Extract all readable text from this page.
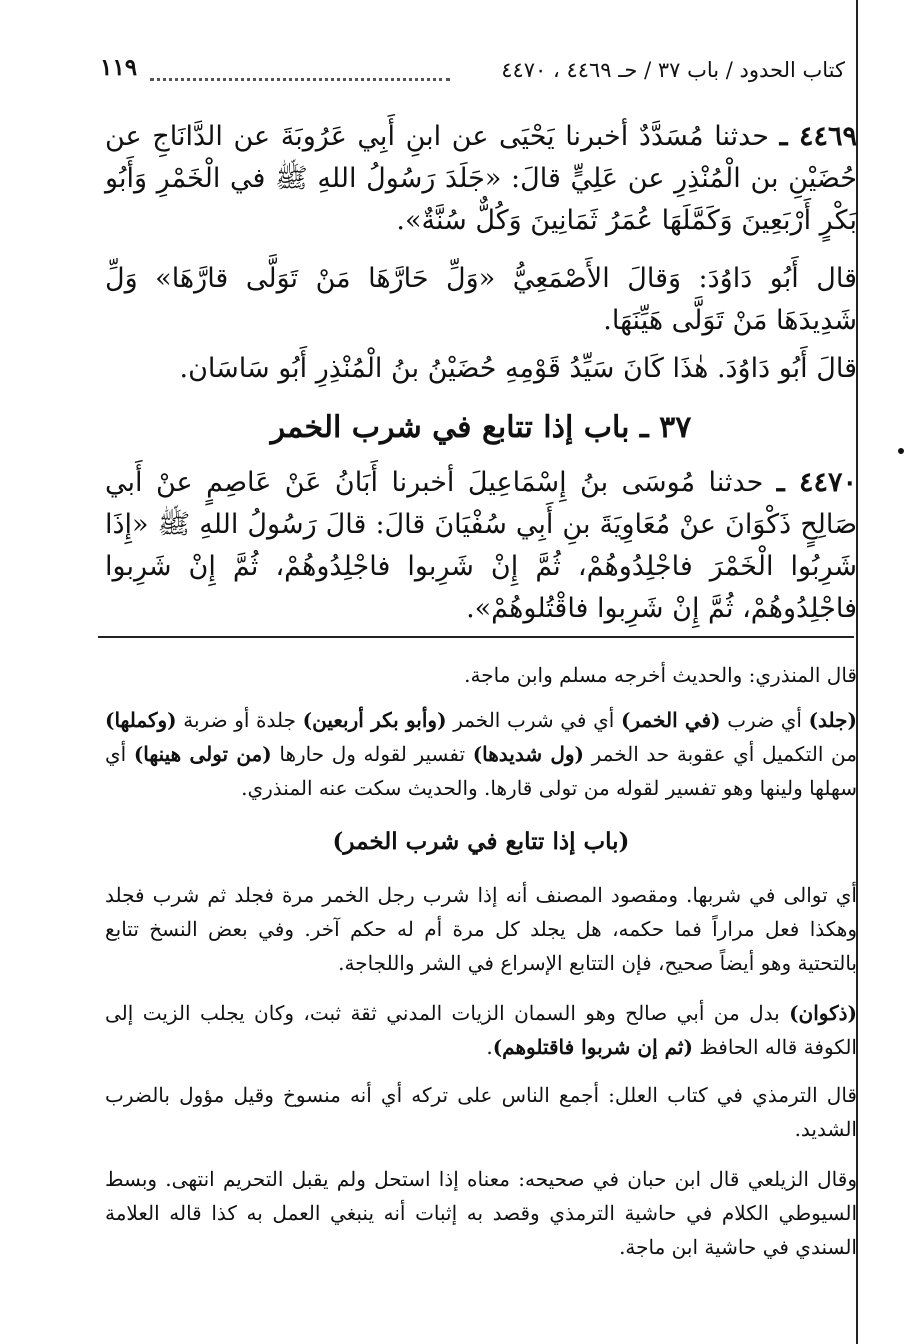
كتاب الحدود / باب ٣٧ / حـ ٤٤٦٩ ، ٤٤٧٠
١١٩

٤٤٦٩ ـ حدثنا مُسَدَّدٌ أخبرنا يَحْيَى عن ابنِ أَبِي عَرُوبَةَ عن الدَّانَاجِ عن حُضَيْنِ بن الْمُنْذِرِ عن عَلِيٍّ قالَ: «جَلَدَ رَسُولُ اللهِ ﷺ في الْخَمْرِ وَأَبُو بَكْرٍ أَرْبَعِينَ وَكَمَّلَهَا عُمَرُ ثَمَانِينَ وَكُلٌّ سُنَّةٌ».

قال أَبُو دَاوُدَ: وَقالَ الأَصْمَعِيُّ «وَلِّ حَارَّهَا مَنْ تَوَلَّى قارَّهَا» وَلِّ شَدِيدَهَا مَنْ تَوَلَّى هَيِّنَهَا.

قالَ أَبُو دَاوُدَ. هٰذَا كَانَ سَيِّدُ قَوْمِهِ حُضَيْنُ بنُ الْمُنْذِرِ أَبُو سَاسَان.

٣٧ ـ باب إذا تتابع في شرب الخمر

٤٤٧٠ ـ حدثنا مُوسَى بنُ إِسْمَاعِيلَ أخبرنا أَبَانُ عَنْ عَاصِمٍ عنْ أَبي صَالِحٍ ذَكْوَانَ عنْ مُعَاوِيَةَ بنِ أَبِي سُفْيَانَ قالَ: قالَ رَسُولُ اللهِ ﷺ «إِذَا شَرِبُوا الْخَمْرَ فاجْلِدُوهُمْ، ثُمَّ إِنْ شَرِبوا فاجْلِدُوهُمْ، ثُمَّ إِنْ شَرِبوا فاجْلِدُوهُمْ، ثُمَّ إِنْ شَرِبوا فاقْتُلوهُمْ».

قال المنذري: والحديث أخرجه مسلم وابن ماجة.

(جلد) أي ضرب (في الخمر) أي في شرب الخمر (وأبو بكر أربعين) جلدة أو ضربة (وكملها) من التكميل أي عقوبة حد الخمر (ول شديدها) تفسير لقوله ول حارها (من تولى هينها) أي سهلها ولينها وهو تفسير لقوله من تولى قارها. والحديث سكت عنه المنذري.

(باب إذا تتابع في شرب الخمر)

أي توالى في شربها. ومقصود المصنف أنه إذا شرب رجل الخمر مرة فجلد ثم شرب فجلد وهكذا فعل مراراً فما حكمه، هل يجلد كل مرة أم له حكم آخر. وفي بعض النسخ تتابع بالتحتية وهو أيضاً صحيح، فإن التتابع الإسراع في الشر واللجاجة.

(ذكوان) بدل من أبي صالح وهو السمان الزيات المدني ثقة ثبت، وكان يجلب الزيت إلى الكوفة قاله الحافظ (ثم إن شربوا فاقتلوهم).

قال الترمذي في كتاب العلل: أجمع الناس على تركه أي أنه منسوخ وقيل مؤول بالضرب الشديد.

وقال الزيلعي قال ابن حبان في صحيحه: معناه إذا استحل ولم يقبل التحريم انتهى. وبسط السيوطي الكلام في حاشية الترمذي وقصد به إثبات أنه ينبغي العمل به كذا قاله العلامة السندي في حاشية ابن ماجة.
